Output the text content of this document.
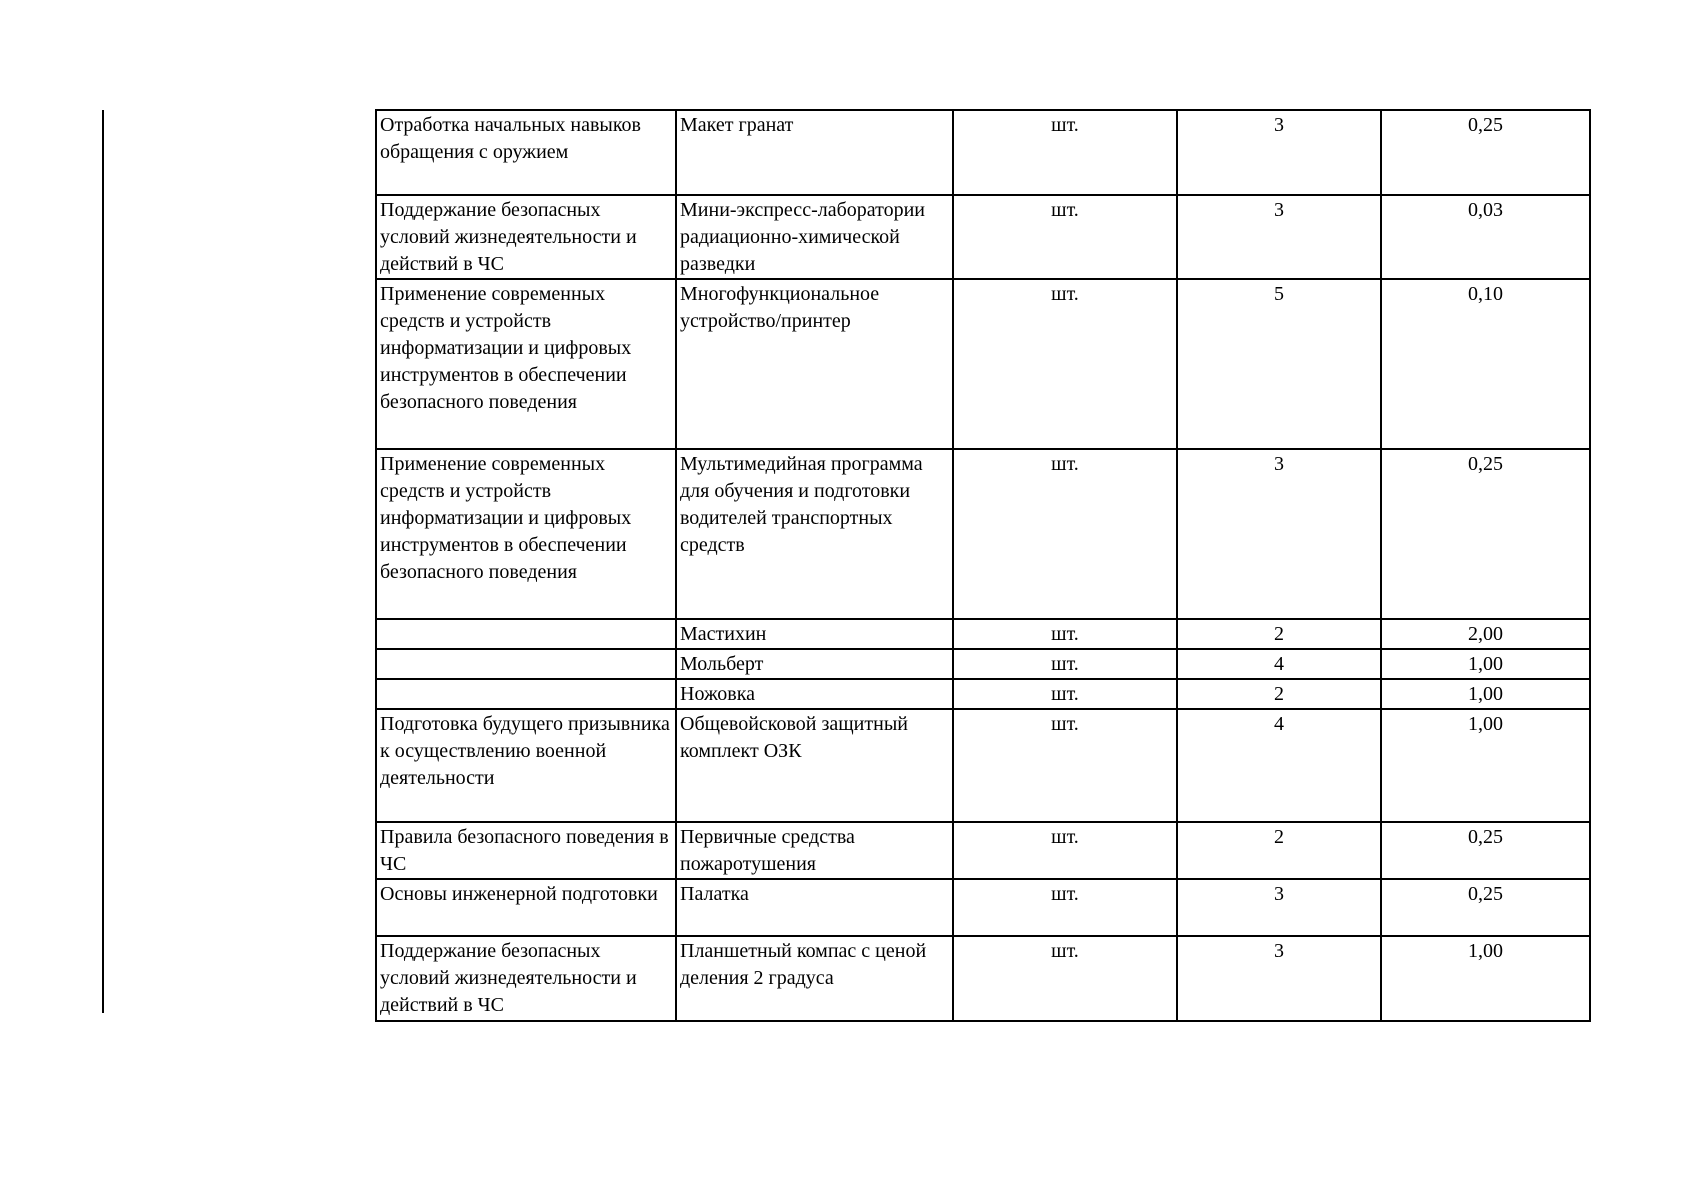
Отработка начальных навыков обращения с оружием	Макет гранат	шт.	3	0,25
Поддержание безопасных условий жизнедеятельности и действий в ЧС	Мини-экспресс-лаборатории радиационно-химической разведки	шт.	3	0,03
Применение современных средств и устройств информатизации и цифровых инструментов в обеспечении безопасного поведения	Многофункциональное устройство/принтер	шт.	5	0,10
Применение современных средств и устройств информатизации и цифровых инструментов в обеспечении безопасного поведения	Мультимедийная программа для обучения и подготовки водителей транспортных средств	шт.	3	0,25
	Мастихин	шт.	2	2,00
	Мольберт	шт.	4	1,00
	Ножовка	шт.	2	1,00
Подготовка будущего призывника к осуществлению военной деятельности	Общевойсковой защитный комплект ОЗК	шт.	4	1,00
Правила безопасного поведения в ЧС	Первичные средства пожаротушения	шт.	2	0,25
Основы инженерной подготовки	Палатка	шт.	3	0,25
Поддержание безопасных условий жизнедеятельности и действий в ЧС	Планшетный компас с ценой деления 2 градуса	шт.	3	1,00
